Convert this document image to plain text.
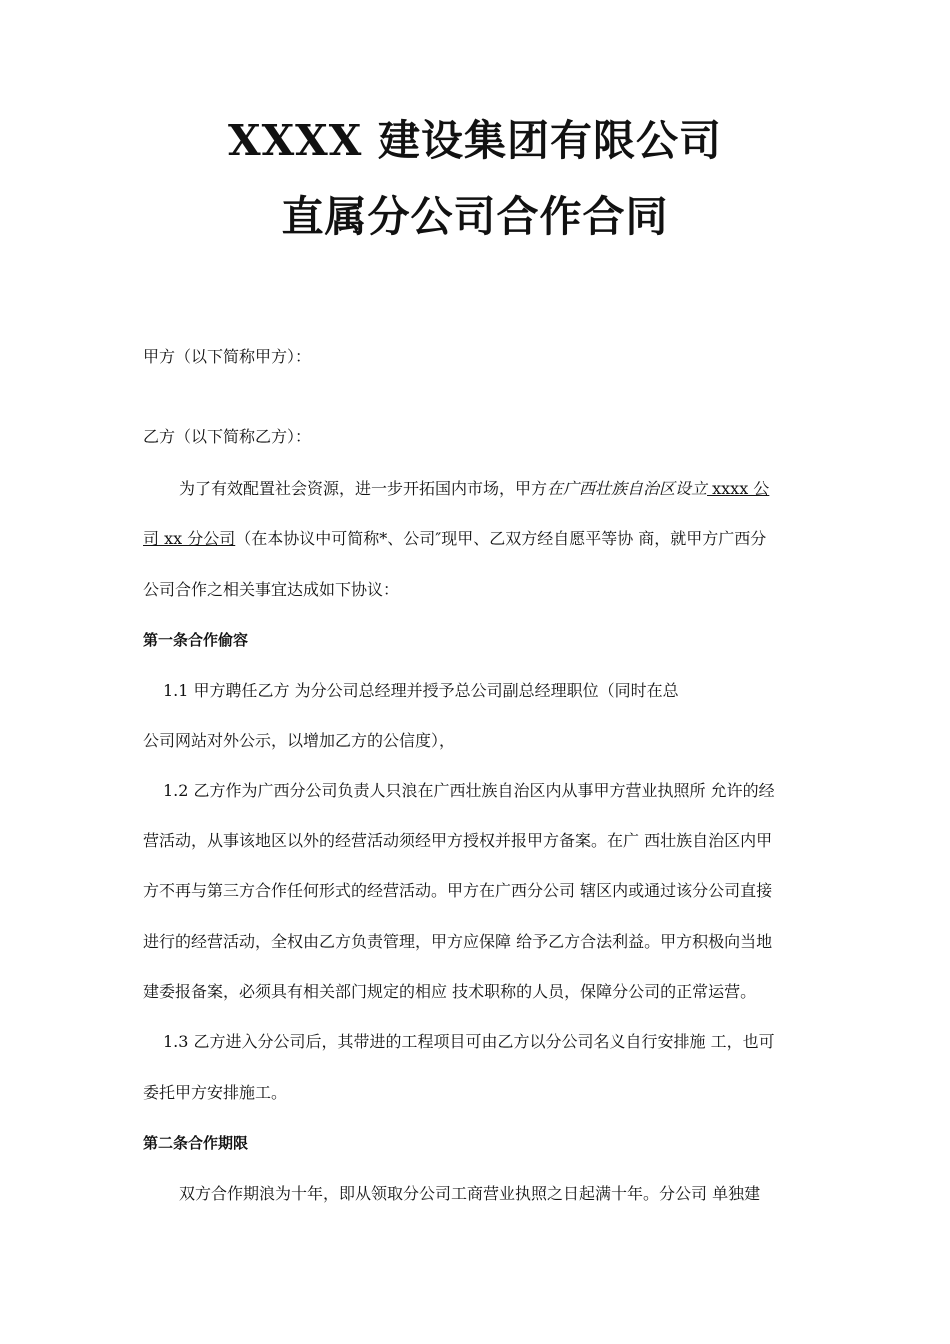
XXXX 建设集团有限公司
直属分公司合作合同
甲方（以下简称甲方）：
乙方（以下简称乙方）：
为了有效配置社会资源，进一步开拓国内市场，甲方在广西壮族自治区设立 xxxx 公
司 xx 分公司（在本协议中可简称*、公司″现甲、乙双方经自愿平等协 商，就甲方广西分
公司合作之相关事宜达成如下协议：
第一条合作偷容
1.1 甲方聘任乙方 为分公司总经理并授予总公司副总经理职位（同时在总
公司网站对外公示，以增加乙方的公信度），
1.2 乙方作为广西分公司负责人只浪在广西壮族自治区内从事甲方营业执照所 允许的经
营活动，从事该地区以外的经营活动须经甲方授权并报甲方备案。在广 西壮族自治区内甲
方不再与第三方合作任何形式的经营活动。甲方在广西分公司 辖区内或通过该分公司直接
进行的经营活动，全权由乙方负责管理，甲方应保障 给予乙方合法利益。甲方积极向当地
建委报备案，必须具有相关部门规定的相应 技术职称的人员，保障分公司的正常运营。
1.3 乙方进入分公司后，其带进的工程项目可由乙方以分公司名义自行安排施 工，也可
委托甲方安排施工。
第二条合作期限
双方合作期浪为十年，即从领取分公司工商营业执照之日起满十年。分公司 单独建
